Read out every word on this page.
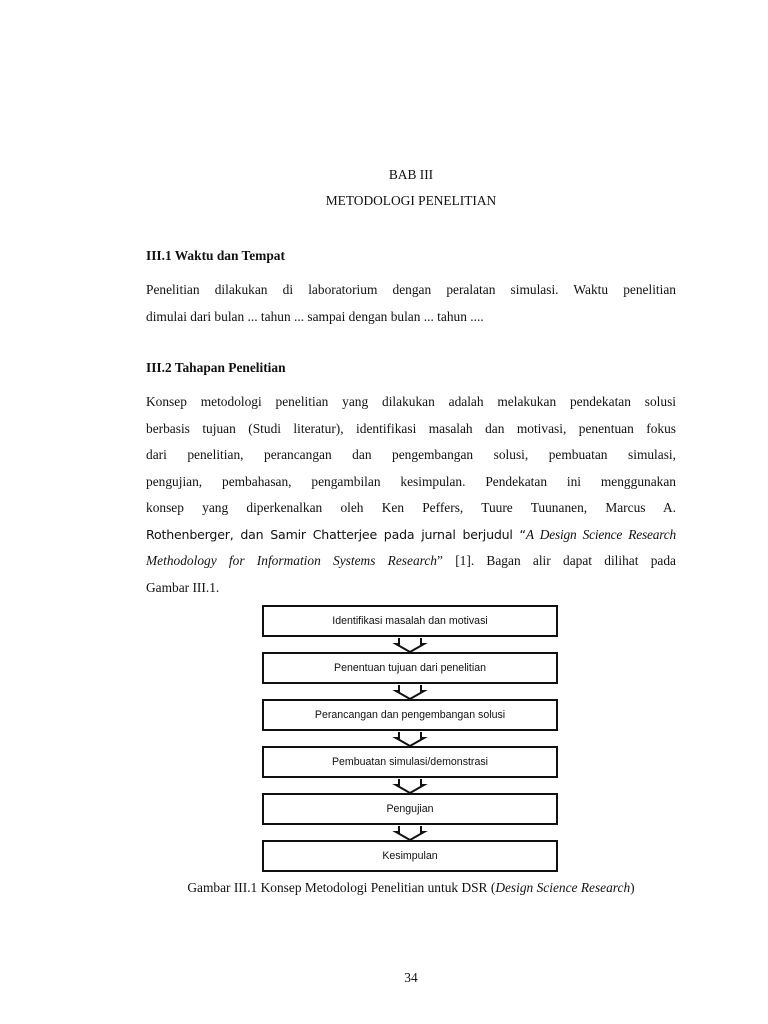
BAB III
METODOLOGI PENELITIAN
III.1 Waktu dan Tempat
Penelitian dilakukan di laboratorium dengan peralatan simulasi. Waktu penelitian
dimulai dari bulan ... tahun ... sampai dengan bulan ... tahun ....
III.2 Tahapan Penelitian
Konsep metodologi penelitian yang dilakukan adalah melakukan pendekatan solusi
berbasis tujuan (Studi literatur), identifikasi masalah dan motivasi, penentuan fokus
dari penelitian, perancangan dan pengembangan solusi, pembuatan simulasi,
pengujian, pembahasan, pengambilan kesimpulan. Pendekatan ini menggunakan
konsep yang diperkenalkan oleh Ken Peffers, Tuure Tuunanen, Marcus A.
Rothenberger, dan Samir Chatterjee pada jurnal berjudul “A Design Science Research
Methodology for Information Systems Research” [1]. Bagan alir dapat dilihat pada
Gambar III.1.
Identifikasi masalah dan motivasi
Penentuan tujuan dari penelitian
Perancangan dan pengembangan solusi
Pembuatan simulasi/demonstrasi
Pengujian
Kesimpulan
Gambar III.1 Konsep Metodologi Penelitian untuk DSR (Design Science Research)
34
